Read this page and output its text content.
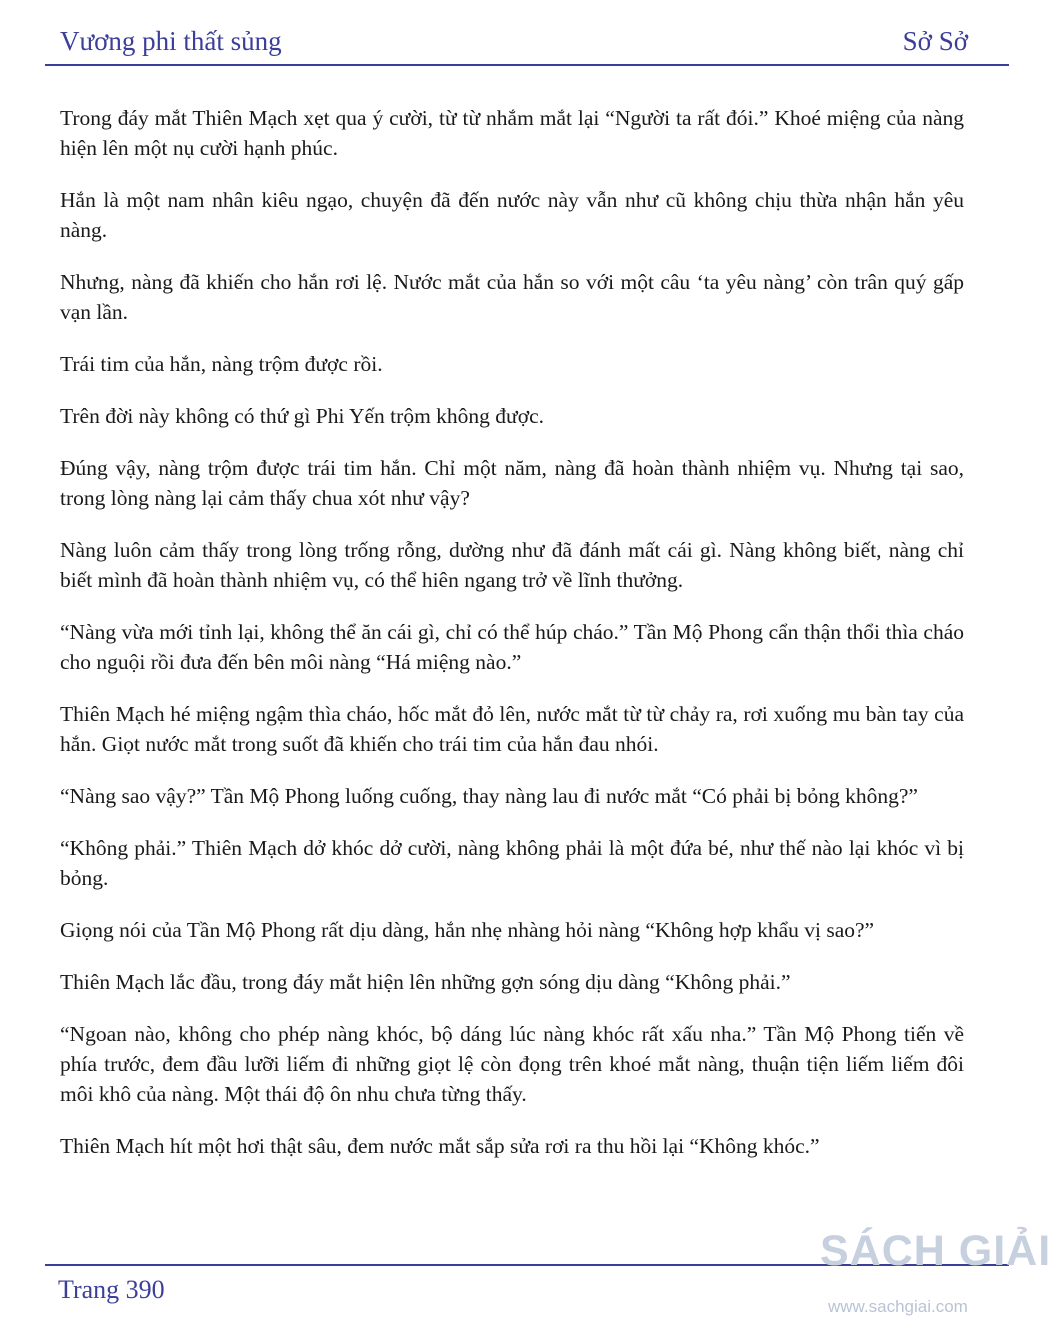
Vương phi thất sủng	Sở Sở

Trong đáy mắt Thiên Mạch xẹt qua ý cười, từ từ nhắm mắt lại “Người ta rất đói.” Khoé miệng của nàng hiện lên một nụ cười hạnh phúc.

Hắn là một nam nhân kiêu ngạo, chuyện đã đến nước này vẫn như cũ không chịu thừa nhận hắn yêu nàng.

Nhưng, nàng đã khiến cho hắn rơi lệ. Nước mắt của hắn so với một câu ‘ta yêu nàng’ còn trân quý gấp vạn lần.

Trái tim của hắn, nàng trộm được rồi.

Trên đời này không có thứ gì Phi Yến trộm không được.

Đúng vậy, nàng trộm được trái tim hắn. Chỉ một năm, nàng đã hoàn thành nhiệm vụ. Nhưng tại sao, trong lòng nàng lại cảm thấy chua xót như vậy?

Nàng luôn cảm thấy trong lòng trống rỗng, dường như đã đánh mất cái gì. Nàng không biết, nàng chỉ biết mình đã hoàn thành nhiệm vụ, có thể hiên ngang trở về lĩnh thưởng.

“Nàng vừa mới tỉnh lại, không thể ăn cái gì, chỉ có thể húp cháo.” Tần Mộ Phong cẩn thận thổi thìa cháo cho nguội rồi đưa đến bên môi nàng “Há miệng nào.”

Thiên Mạch hé miệng ngậm thìa cháo, hốc mắt đỏ lên, nước mắt từ từ chảy ra, rơi xuống mu bàn tay của hắn. Giọt nước mắt trong suốt đã khiến cho trái tim của hắn đau nhói.

“Nàng sao vậy?” Tần Mộ Phong luống cuống, thay nàng lau đi nước mắt “Có phải bị bỏng không?”

“Không phải.” Thiên Mạch dở khóc dở cười, nàng không phải là một đứa bé, như thế nào lại khóc vì bị bỏng.

Giọng nói của Tần Mộ Phong rất dịu dàng, hắn nhẹ nhàng hỏi nàng “Không hợp khẩu vị sao?”

Thiên Mạch lắc đầu, trong đáy mắt hiện lên những gợn sóng dịu dàng “Không phải.”

“Ngoan nào, không cho phép nàng khóc, bộ dáng lúc nàng khóc rất xấu nha.” Tần Mộ Phong tiến về phía trước, đem đầu lưỡi liếm đi những giọt lệ còn đọng trên khoé mắt nàng, thuận tiện liếm liếm đôi môi khô của nàng. Một thái độ ôn nhu chưa từng thấy.

Thiên Mạch hít một hơi thật sâu, đem nước mắt sắp sửa rơi ra thu hồi lại “Không khóc.”

Trang 390
SÁCH GIẢI
www.sachgiai.com
